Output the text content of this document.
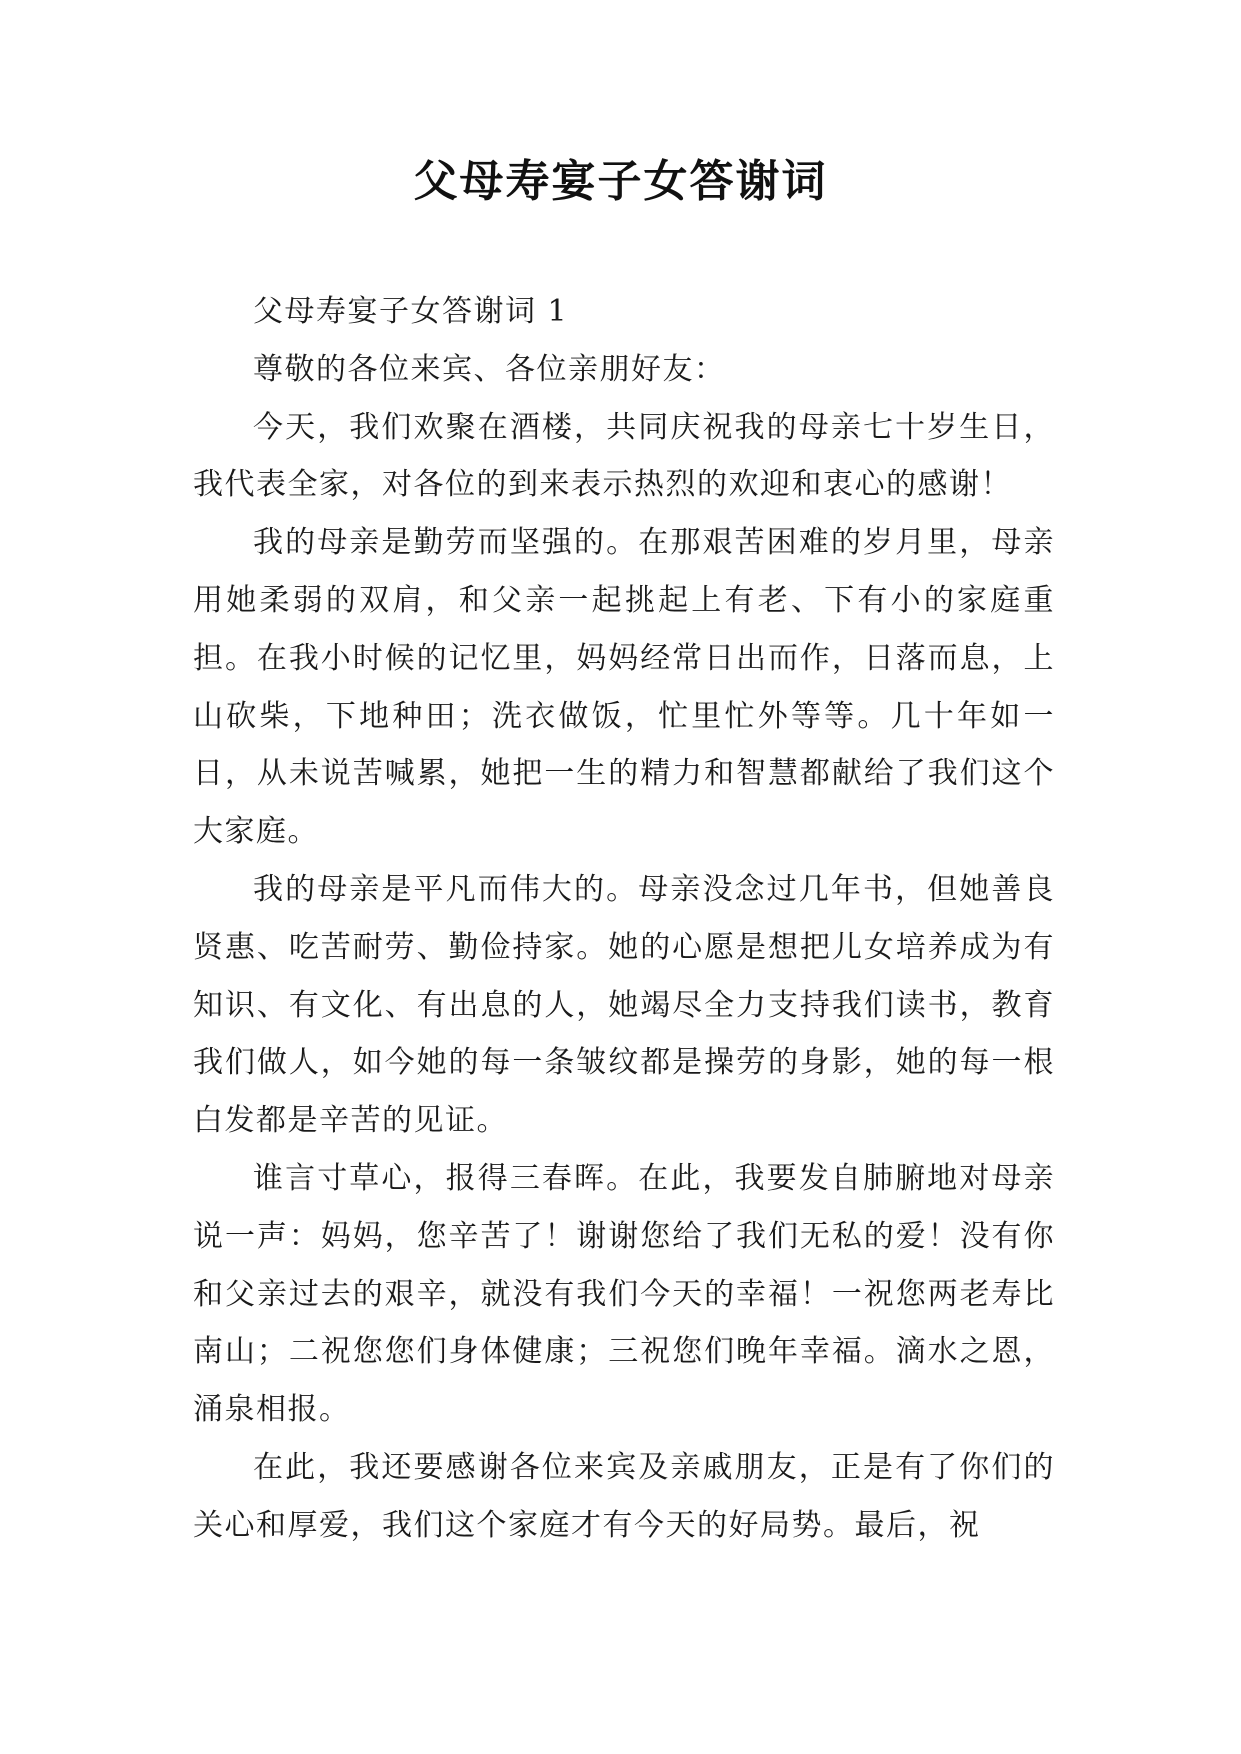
父母寿宴子女答谢词

父母寿宴子女答谢词 1

尊敬的各位来宾、各位亲朋好友：

今天，我们欢聚在酒楼，共同庆祝我的母亲七十岁生日，我代表全家，对各位的到来表示热烈的欢迎和衷心的感谢！

我的母亲是勤劳而坚强的。在那艰苦困难的岁月里，母亲用她柔弱的双肩，和父亲一起挑起上有老、下有小的家庭重担。在我小时候的记忆里，妈妈经常日出而作，日落而息，上山砍柴，下地种田；洗衣做饭，忙里忙外等等。几十年如一日，从未说苦喊累，她把一生的精力和智慧都献给了我们这个大家庭。

我的母亲是平凡而伟大的。母亲没念过几年书，但她善良贤惠、吃苦耐劳、勤俭持家。她的心愿是想把儿女培养成为有知识、有文化、有出息的人，她竭尽全力支持我们读书，教育我们做人，如今她的每一条皱纹都是操劳的身影，她的每一根白发都是辛苦的见证。

谁言寸草心，报得三春晖。在此，我要发自肺腑地对母亲说一声：妈妈，您辛苦了！谢谢您给了我们无私的爱！没有你和父亲过去的艰辛，就没有我们今天的幸福！一祝您两老寿比南山；二祝您您们身体健康；三祝您们晚年幸福。滴水之恩，涌泉相报。

在此，我还要感谢各位来宾及亲戚朋友，正是有了你们的关心和厚爱，我们这个家庭才有今天的好局势。最后，祝
